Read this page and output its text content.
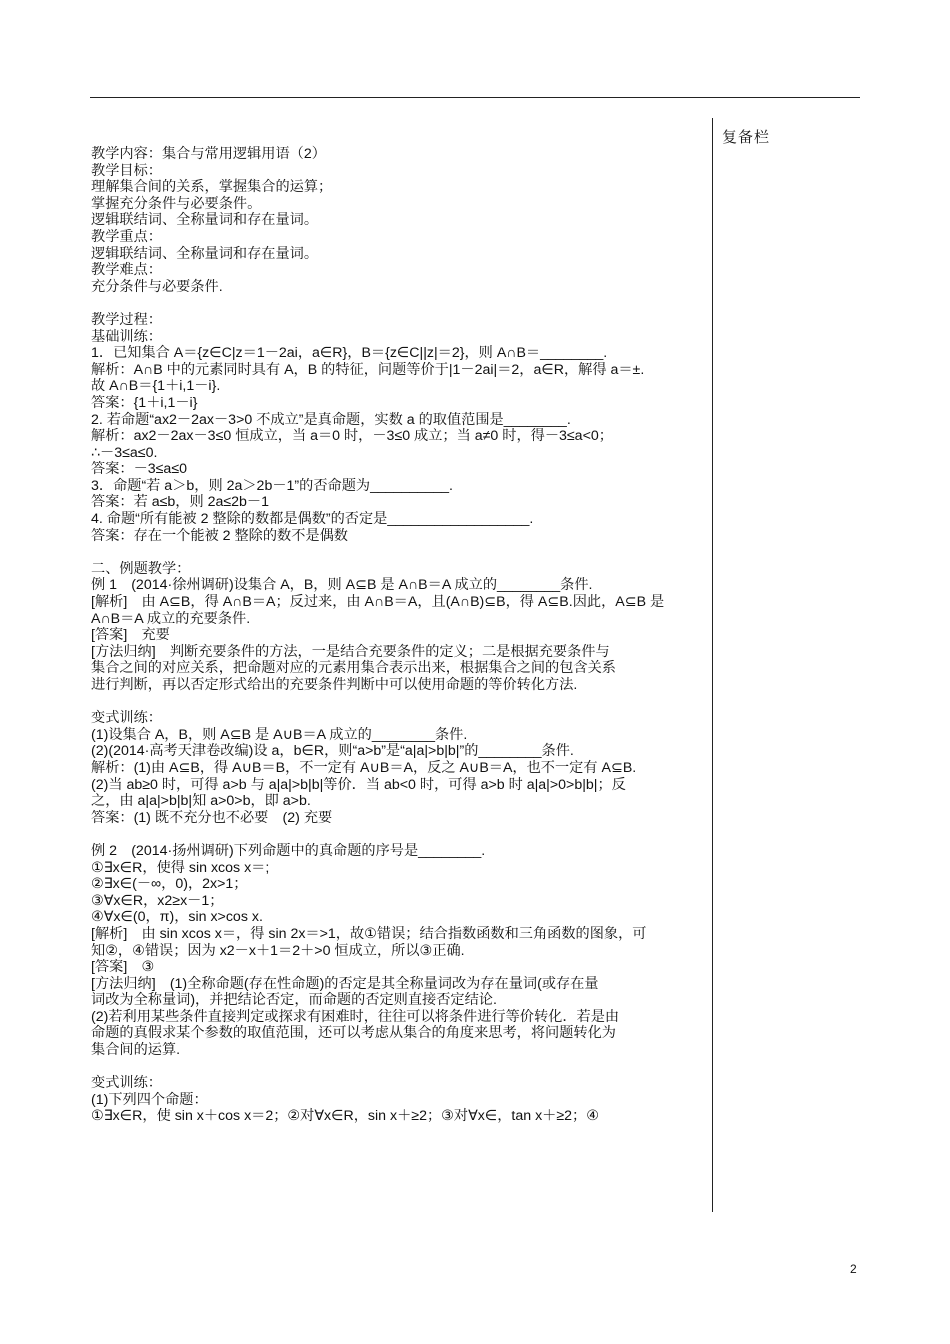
复备栏
教学内容：集合与常用逻辑用语（2）
教学目标：
理解集合间的关系，掌握集合的运算；
掌握充分条件与必要条件。
逻辑联结词、全称量词和存在量词。
教学重点：
逻辑联结词、全称量词和存在量词。
教学难点：
充分条件与必要条件.
教学过程：
基础训练：
1．已知集合 A＝{z∈C|z＝1－2ai，a∈R}，B＝{z∈C||z|＝2}，则 A∩B＝________.
解析：A∩B 中的元素同时具有 A，B 的特征，问题等价于|1－2ai|＝2，a∈R，解得 a＝±.
故 A∩B＝{1＋i,1－i}.
答案：{1＋i,1－i}
2. 若命题“ax2－2ax－3>0 不成立”是真命题，实数 a 的取值范围是________.
解析：ax2－2ax－3≤0 恒成立，当 a＝0 时，－3≤0 成立；当 a≠0 时，得－3≤a<0；
∴－3≤a≤0.
答案：－3≤a≤0
3．命题“若 a＞b，则 2a＞2b－1”的否命题为__________.
答案：若 a≤b，则 2a≤2b－1
4. 命题“所有能被 2 整除的数都是偶数”的否定是__________________.
答案：存在一个能被 2 整除的数不是偶数
二、例题教学：
例 1　(2014·徐州调研)设集合 A，B，则 A⊆B 是 A∩B＝A 成立的________条件.
[解析]　由 A⊆B，得 A∩B＝A；反过来，由 A∩B＝A，且(A∩B)⊆B，得 A⊆B.因此，A⊆B 是
A∩B＝A 成立的充要条件.
[答案]　充要
[方法归纳]　判断充要条件的方法，一是结合充要条件的定义；二是根据充要条件与
集合之间的对应关系，把命题对应的元素用集合表示出来，根据集合之间的包含关系
进行判断，再以否定形式给出的充要条件判断中可以使用命题的等价转化方法.
变式训练：
(1)设集合 A，B，则 A⊆B 是 A∪B＝A 成立的________条件.
(2)(2014·高考天津卷改编)设 a，b∈R，则“a>b”是“a|a|>b|b|”的________条件.
解析：(1)由 A⊆B，得 A∪B＝B，不一定有 A∪B＝A，反之 A∪B＝A，也不一定有 A⊆B.
(2)当 ab≥0 时，可得 a>b 与 a|a|>b|b|等价．当 ab<0 时，可得 a>b 时 a|a|>0>b|b|；反
之，由 a|a|>b|b|知 a>0>b，即 a>b.
答案：(1) 既不充分也不必要　(2) 充要
例 2　(2014·扬州调研)下列命题中的真命题的序号是________.
①∃x∈R，使得 sin xcos x＝;
②∃x∈(－∞，0)，2x>1；
③∀x∈R，x2≥x－1；
④∀x∈(0，π)，sin x>cos x.
[解析]　由 sin xcos x＝，得 sin 2x＝>1，故①错误；结合指数函数和三角函数的图象，可
知②，④错误；因为 x2－x＋1＝2＋>0 恒成立，所以③正确.
[答案]　③
[方法归纳]　(1)全称命题(存在性命题)的否定是其全称量词改为存在量词(或存在量
词改为全称量词)，并把结论否定，而命题的否定则直接否定结论.
(2)若利用某些条件直接判定或探求有困难时，往往可以将条件进行等价转化．若是由
命题的真假求某个参数的取值范围，还可以考虑从集合的角度来思考，将问题转化为
集合间的运算.
变式训练：
(1)下列四个命题：
①∃x∈R，使 sin x＋cos x＝2；②对∀x∈R，sin x＋≥2；③对∀x∈，tan x＋≥2；④
2
